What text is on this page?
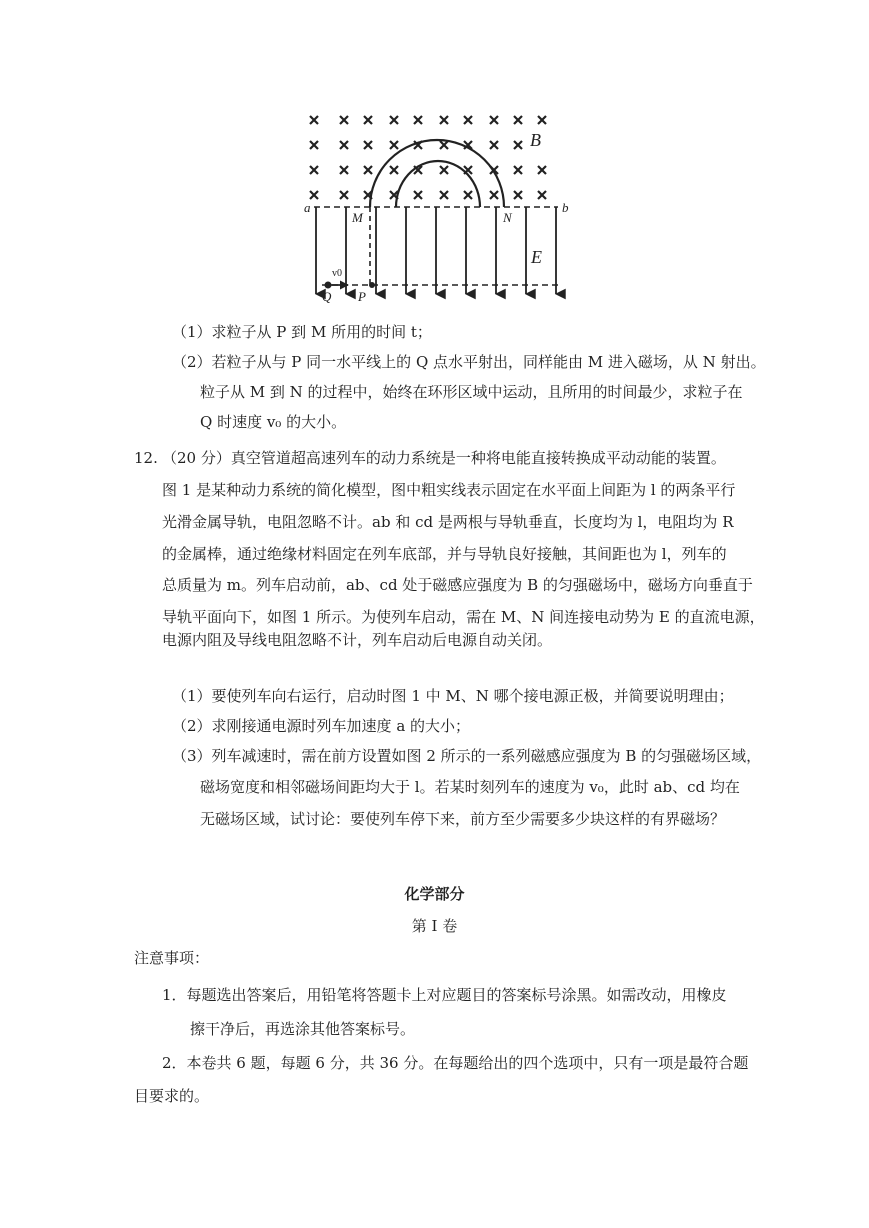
B
E
a	b
M	N
Q P
v0
（1）求粒子从 P 到 M 所用的时间 t；
（2）若粒子从与 P 同一水平线上的 Q 点水平射出，同样能由 M 进入磁场，从 N 射出。
粒子从 M 到 N 的过程中，始终在环形区域中运动，且所用的时间最少，求粒子在
Q 时速度 v₀ 的大小。
12. （20 分）真空管道超高速列车的动力系统是一种将电能直接转换成平动动能的装置。
图 1 是某种动力系统的简化模型，图中粗实线表示固定在水平面上间距为 l 的两条平行
光滑金属导轨，电阻忽略不计。ab 和 cd 是两根与导轨垂直，长度均为 l，电阻均为 R
的金属棒，通过绝缘材料固定在列车底部，并与导轨良好接触，其间距也为 l，列车的
总质量为 m。列车启动前，ab、cd 处于磁感应强度为 B 的匀强磁场中，磁场方向垂直于
导轨平面向下，如图 1 所示。为使列车启动，需在 M、N 间连接电动势为 E 的直流电源，
电源内阻及导线电阻忽略不计，列车启动后电源自动关闭。
（1）要使列车向右运行，启动时图 1 中 M、N 哪个接电源正极，并简要说明理由；
（2）求刚接通电源时列车加速度 a 的大小；
（3）列车减速时，需在前方设置如图 2 所示的一系列磁感应强度为 B 的匀强磁场区域，
磁场宽度和相邻磁场间距均大于 l。若某时刻列车的速度为 v₀，此时 ab、cd 均在
无磁场区域，试讨论：要使列车停下来，前方至少需要多少块这样的有界磁场？
化学部分
第 I 卷
注意事项：
1．每题选出答案后，用铅笔将答题卡上对应题目的答案标号涂黑。如需改动，用橡皮
擦干净后，再选涂其他答案标号。
2．本卷共 6 题，每题 6 分，共 36 分。在每题给出的四个选项中，只有一项是最符合题
目要求的。
